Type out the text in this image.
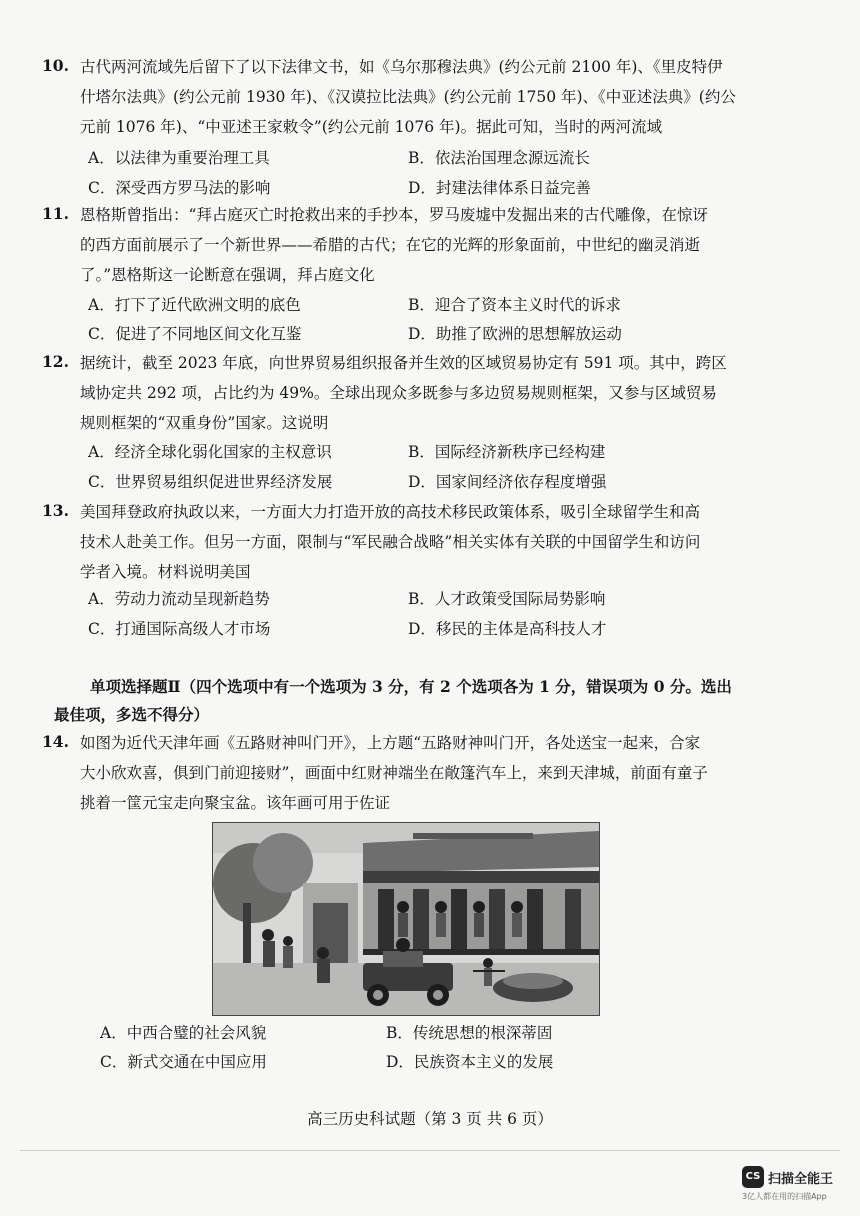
10. 古代两河流域先后留下了以下法律文书，如《乌尔那穆法典》(约公元前 2100 年)、《里皮特伊
什塔尔法典》(约公元前 1930 年)、《汉谟拉比法典》(约公元前 1750 年)、《中亚述法典》(约公
元前 1076 年)、“中亚述王家敕令”(约公元前 1076 年)。据此可知，当时的两河流域
A．以法律为重要治理工具	B．依法治国理念源远流长
C．深受西方罗马法的影响	D．封建法律体系日益完善
11. 恩格斯曾指出：“拜占庭灭亡时抢救出来的手抄本，罗马废墟中发掘出来的古代雕像，在惊讶
的西方面前展示了一个新世界——希腊的古代；在它的光辉的形象面前，中世纪的幽灵消逝
了。”恩格斯这一论断意在强调，拜占庭文化
A．打下了近代欧洲文明的底色	B．迎合了资本主义时代的诉求
C．促进了不同地区间文化互鉴	D．助推了欧洲的思想解放运动
12. 据统计，截至 2023 年底，向世界贸易组织报备并生效的区域贸易协定有 591 项。其中，跨区
域协定共 292 项，占比约为 49%。全球出现众多既参与多边贸易规则框架，又参与区域贸易
规则框架的“双重身份”国家。这说明
A．经济全球化弱化国家的主权意识	B．国际经济新秩序已经构建
C．世界贸易组织促进世界经济发展	D．国家间经济依存程度增强
13. 美国拜登政府执政以来，一方面大力打造开放的高技术移民政策体系，吸引全球留学生和高
技术人赴美工作。但另一方面，限制与“军民融合战略”相关实体有关联的中国留学生和访问
学者入境。材料说明美国
A．劳动力流动呈现新趋势	B．人才政策受国际局势影响
C．打通国际高级人才市场	D．移民的主体是高科技人才
单项选择题Ⅱ（四个选项中有一个选项为 3 分，有 2 个选项各为 1 分，错误项为 0 分。选出
最佳项，多选不得分）
14. 如图为近代天津年画《五路财神叫门开》，上方题“五路财神叫门开，各处送宝一起来，合家
大小欣欢喜，俱到门前迎接财”，画面中红财神端坐在敞篷汽车上，来到天津城，前面有童子
挑着一筐元宝走向聚宝盆。该年画可用于佐证
A．中西合璧的社会风貌	B．传统思想的根深蒂固
C．新式交通在中国应用	D．民族资本主义的发展
高三历史科试题（第 3 页 共 6 页）
CS 扫描全能王
3亿人都在用的扫描App
